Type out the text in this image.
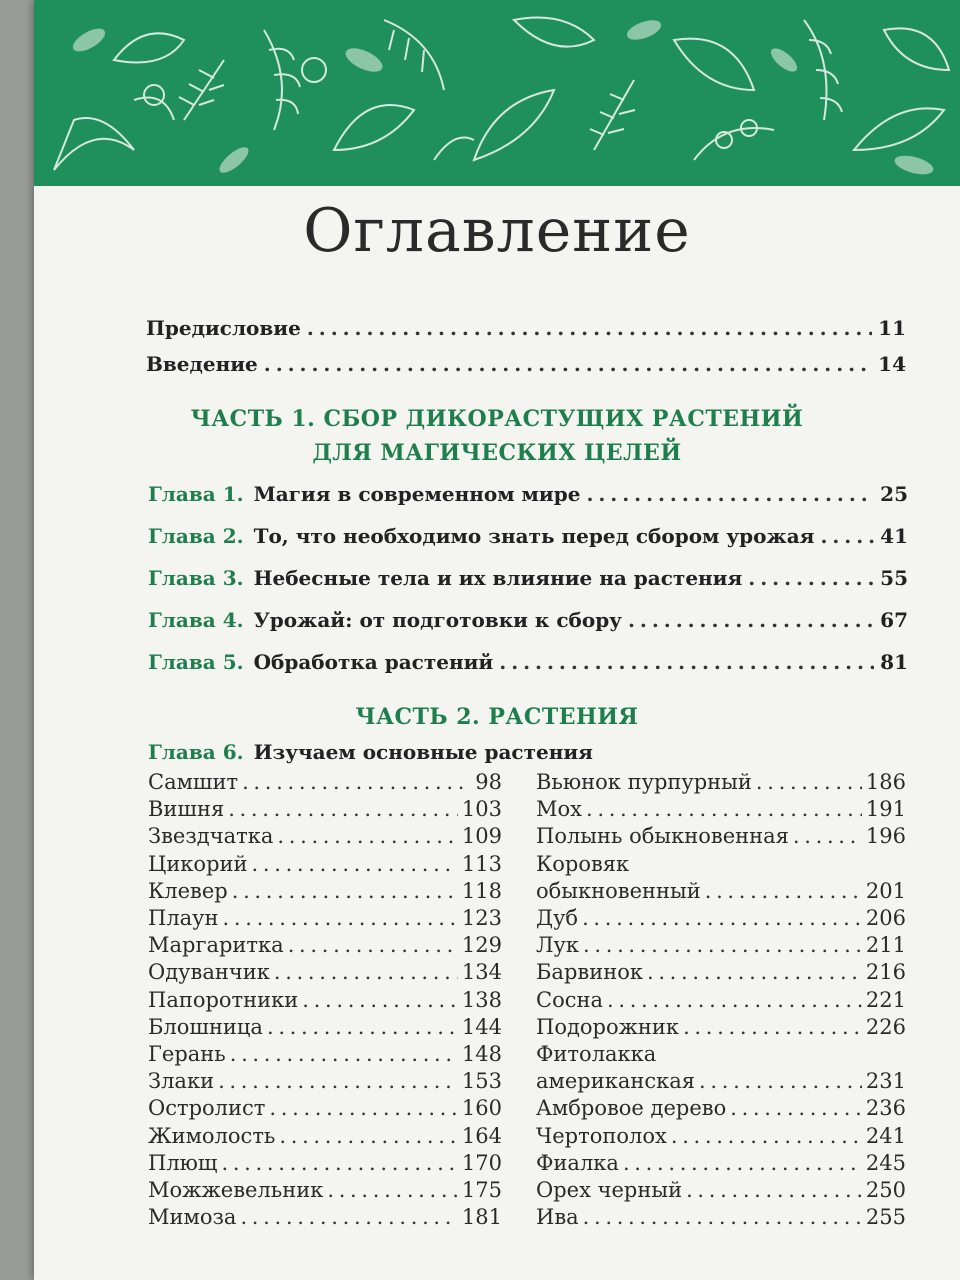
Оглавление
Предисловие . . .	11
Введение . . .	14
ЧАСТЬ 1. СБОР ДИКОРАСТУЩИХ РАСТЕНИЙ
ДЛЯ МАГИЧЕСКИХ ЦЕЛЕЙ
Глава 1. Магия в современном мире . . .	25
Глава 2. То, что необходимо знать перед сбором урожая . . .	41
Глава 3. Небесные тела и их влияние на растения . . .	55
Глава 4. Урожай: от подготовки к сбору . . .	67
Глава 5. Обработка растений . . .	81
ЧАСТЬ 2. РАСТЕНИЯ
Глава 6. Изучаем основные растения
Самшит . . .	98
Вишня . . .	103
Звездчатка . . .	109
Цикорий . . .	113
Клевер . . .	118
Плаун . . .	123
Маргаритка . . .	129
Одуванчик . . .	134
Папоротники . . .	138
Блошница . . .	144
Герань . . .	148
Злаки . . .	153
Остролист . . .	160
Жимолость . . .	164
Плющ . . .	170
Можжевельник . . .	175
Мимоза . . .	181
Вьюнок пурпурный . . .	186
Мох . . .	191
Полынь обыкновенная . . .	196
Коровяк
обыкновенный . . .	201
Дуб . . .	206
Лук . . .	211
Барвинок . . .	216
Сосна . . .	221
Подорожник . . .	226
Фитолакка
американская . . .	231
Амбровое дерево . . .	236
Чертополох . . .	241
Фиалка . . .	245
Орех черный . . .	250
Ива . . .	255
